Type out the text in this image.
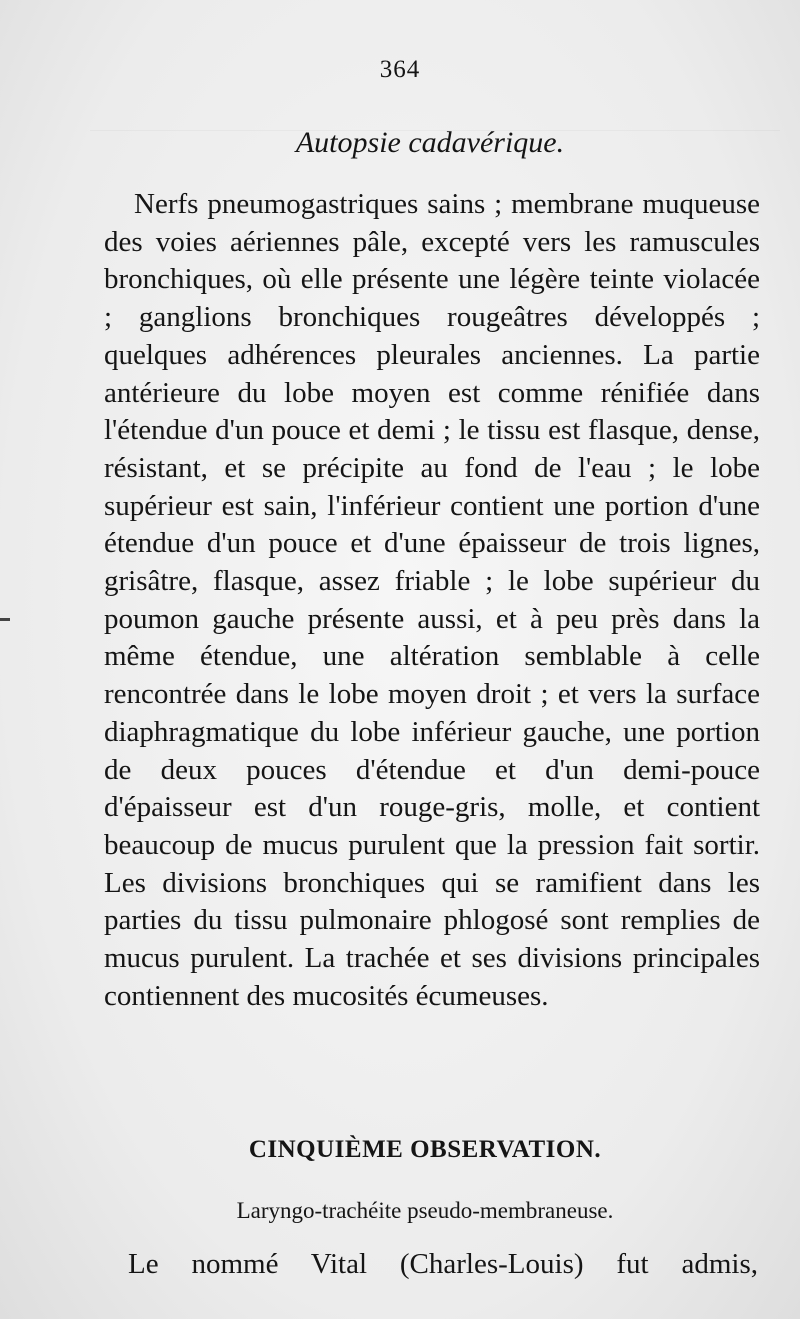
364
Autopsie cadavérique.

Nerfs pneumogastriques sains ; membrane muqueuse des voies aériennes pâle, excepté vers les ramuscules bronchiques, où elle présente une légère teinte violacée ; ganglions bronchiques rougeâtres développés ; quelques adhérences pleurales anciennes. La partie antérieure du lobe moyen est comme rénifiée dans l'étendue d'un pouce et demi ; le tissu est flasque, dense, résistant, et se précipite au fond de l'eau ; le lobe supérieur est sain, l'inférieur contient une portion d'une étendue d'un pouce et d'une épaisseur de trois lignes, grisâtre, flasque, assez friable ; le lobe supérieur du poumon gauche présente aussi, et à peu près dans la même étendue, une altération semblable à celle rencontrée dans le lobe moyen droit ; et vers la surface diaphragmatique du lobe inférieur gauche, une portion de deux pouces d'étendue et d'un demi-pouce d'épaisseur est d'un rouge-gris, molle, et contient beaucoup de mucus purulent que la pression fait sortir. Les divisions bronchiques qui se ramifient dans les parties du tissu pulmonaire phlogosé sont remplies de mucus purulent. La trachée et ses divisions principales contiennent des mucosités écumeuses.

CINQUIÈME OBSERVATION.
Laryngo-trachéite pseudo-membraneuse.
Le nommé Vital (Charles-Louis) fut admis,
